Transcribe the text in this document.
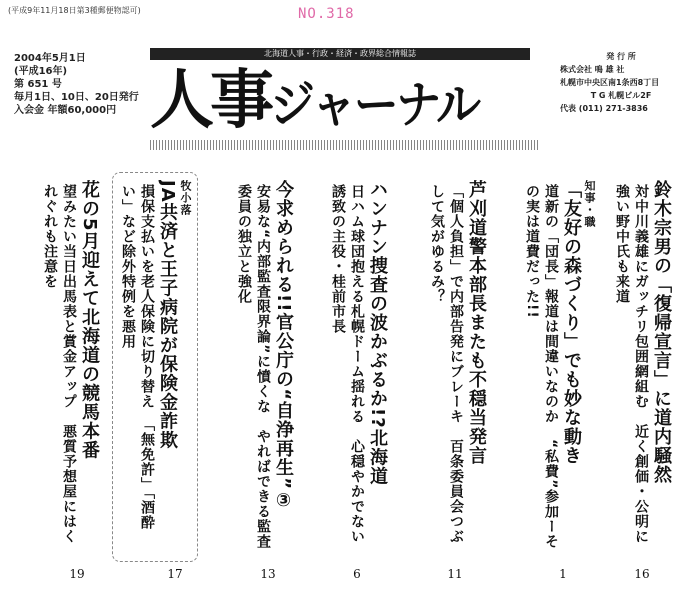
NO.318
(平成9年11月18日第3種郵便物認可)
2004年5月1日
(平成16年)
第 651 号
毎月1日、10日、20日発行
入会金 年額60,000円
北海道人事・行政・経済・政界総合情報誌
人事ジャーナル
発 行 所
株式会社 鳴 雄 社
札幌市中央区南1条西8丁目
T G 札幌ビル2F
代表 (011) 271-3836
鈴木宗男の「復帰宣言」に道内騒然
対中川義雄にガッチリ包囲網組む　近く創価・公明に強い野中氏も来道
16
知事・職
「友好の森づくり」でも妙な動き
道新の「団長」報道は間違いなのか　“私費”参加ーその実は道費だった!!
1
芦刈道警本部長またも不穏当発言
「個人負担」で内部告発にブレーキ　百条委員会つぶして気がゆるみ？
11
ハンナン捜査の波かぶるか!?北海道
日ハム球団抱える札幌ドーム揺れる　心穏やかでない誘致の主役・桂前市長
6
今求められる!!官公庁の“自浄再生”③
安易な“内部監査限界論”に憤くな　やればできる監査委員の独立と強化
13
牧小落
JA共済と王子病院が保険金詐欺
損保支払いを老人保険に切り替え　「無免許」「酒酔い」など除外特例を悪用
17
花の5月迎えて北海道の競馬本番
望みたい当日出馬表と賞金アップ　悪質予想屋にはくれぐれも注意を
19
